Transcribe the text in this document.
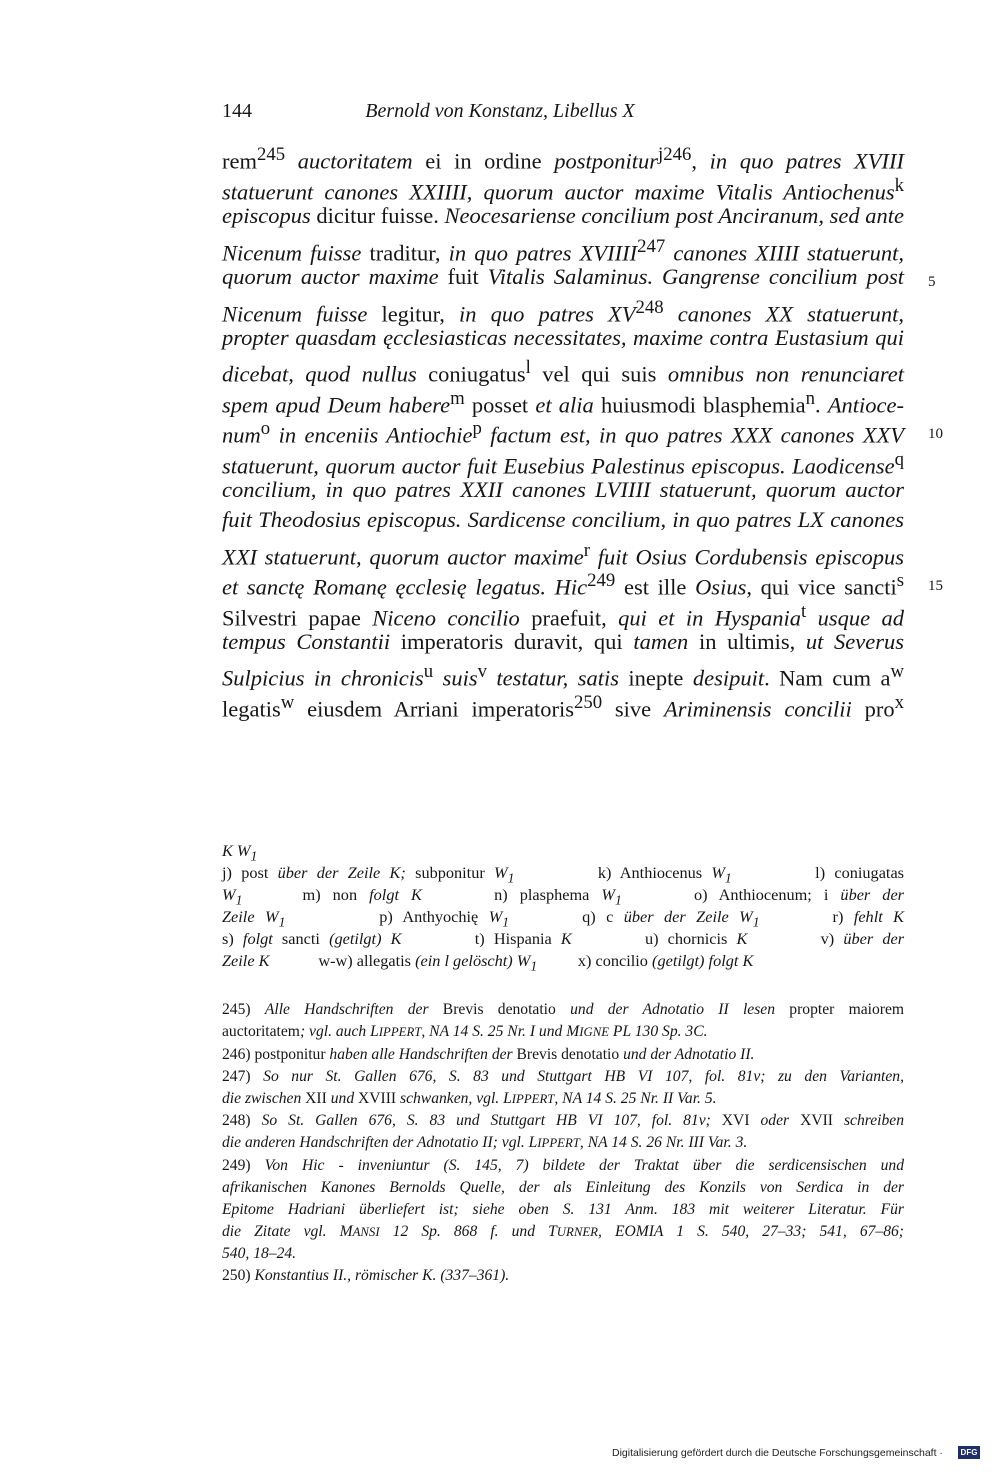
144	Bernold von Konstanz, Libellus X
rem$^{245}$ auctoritatem ei in ordine postponitur$^{j246}$, in quo patres XVIII
statuerunt canones XXIIII, quorum auctor maxime Vitalis Antiochenus$^k$
episcopus dicitur fuisse. Neocesariense concilium post Anciranum, sed ante
Nicenum fuisse traditur, in quo patres XVIIII$^{247}$ canones XIIII statuerunt,
quorum auctor maxime fuit Vitalis Salaminus. Gangrense concilium post
Nicenum fuisse legitur, in quo patres XV$^{248}$ canones XX statuerunt,
propter quasdam ęcclesiasticas necessitates, maxime contra Eustasium qui
dicebat, quod nullus coniugatus$^l$ vel qui suis omnibus non renunciaret
spem apud Deum habere$^m$ posset et alia huiusmodi blasphemia$^n$. Antioce-
num$^o$ in enceniis Antiochie$^p$ factum est, in quo patres XXX canones XXV
statuerunt, quorum auctor fuit Eusebius Palestinus episcopus. Laodicense$^q$
concilium, in quo patres XXII canones LVIIII statuerunt, quorum auctor
fuit Theodosius episcopus. Sardicense concilium, in quo patres LX canones
XXI statuerunt, quorum auctor maxime$^r$ fuit Osius Cordubensis episcopus
et sanctę Romanę ęcclesię legatus. Hic$^{249}$ est ille Osius, qui vice sancti$^s$
Silvestri papae Niceno concilio praefuit, qui et in Hyspania$^t$ usque ad
tempus Constantii imperatoris duravit, qui tamen in ultimis, ut Severus
Sulpicius in chronicis$^u$ suis$^v$ testatur, satis inepte desipuit. Nam cum $a^w$
legatis$^w$ eiusdem Arriani imperatoris$^{250}$ sive Ariminensis concilii pro$^x$
5
10
15
K $W_1$
j) post über der Zeile K; subponitur $W_1$         k) Anthiocenus $W_1$         l) coniugatas
$W_1$     m) non folgt K      n) plasphema $W_1$      o) Anthiocenum; i über der
Zeile $W_1$         p) Anthyochię $W_1$       q) c über der Zeile $W_1$       r) fehlt K
s) folgt sancti (getilgt) K        t) Hispania K        u) chornicis K        v) über der
Zeile K            w-w) allegatis (ein l gelöscht) $W_1$          x) concilio (getilgt) folgt K
245) Alle Handschriften der Brevis denotatio und der Adnotatio II lesen propter maiorem
auctoritatem; vgl. auch LIPPERT, NA 14 S. 25 Nr. I und MIGNE PL 130 Sp. 3C.
246) postponitur haben alle Handschriften der Brevis denotatio und der Adnotatio II.
247) So nur St. Gallen 676, S. 83 und Stuttgart HB VI 107, fol. 81v; zu den Varianten,
die zwischen XII und XVIII schwanken, vgl. LIPPERT, NA 14 S. 25 Nr. II Var. 5.
248) So St. Gallen 676, S. 83 und Stuttgart HB VI 107, fol. 81v; XVI oder XVII schreiben
die anderen Handschriften der Adnotatio II; vgl. LIPPERT, NA 14 S. 26 Nr. III Var. 3.
249) Von Hic - inveniuntur (S. 145, 7) bildete der Traktat über die serdicensischen und
afrikanischen Kanones Bernolds Quelle, der als Einleitung des Konzils von Serdica in der
Epitome Hadriani überliefert ist; siehe oben S. 131 Anm. 183 mit weiterer Literatur. Für
die Zitate vgl. MANSI 12 Sp. 868 f. und TURNER, EOMIA 1 S. 540, 27–33; 541, 67–86;
540, 18–24.
250) Konstantius II., römischer K. (337–361).
Digitalisierung gefördert durch die Deutsche Forschungsgemeinschaft ·	DFG
